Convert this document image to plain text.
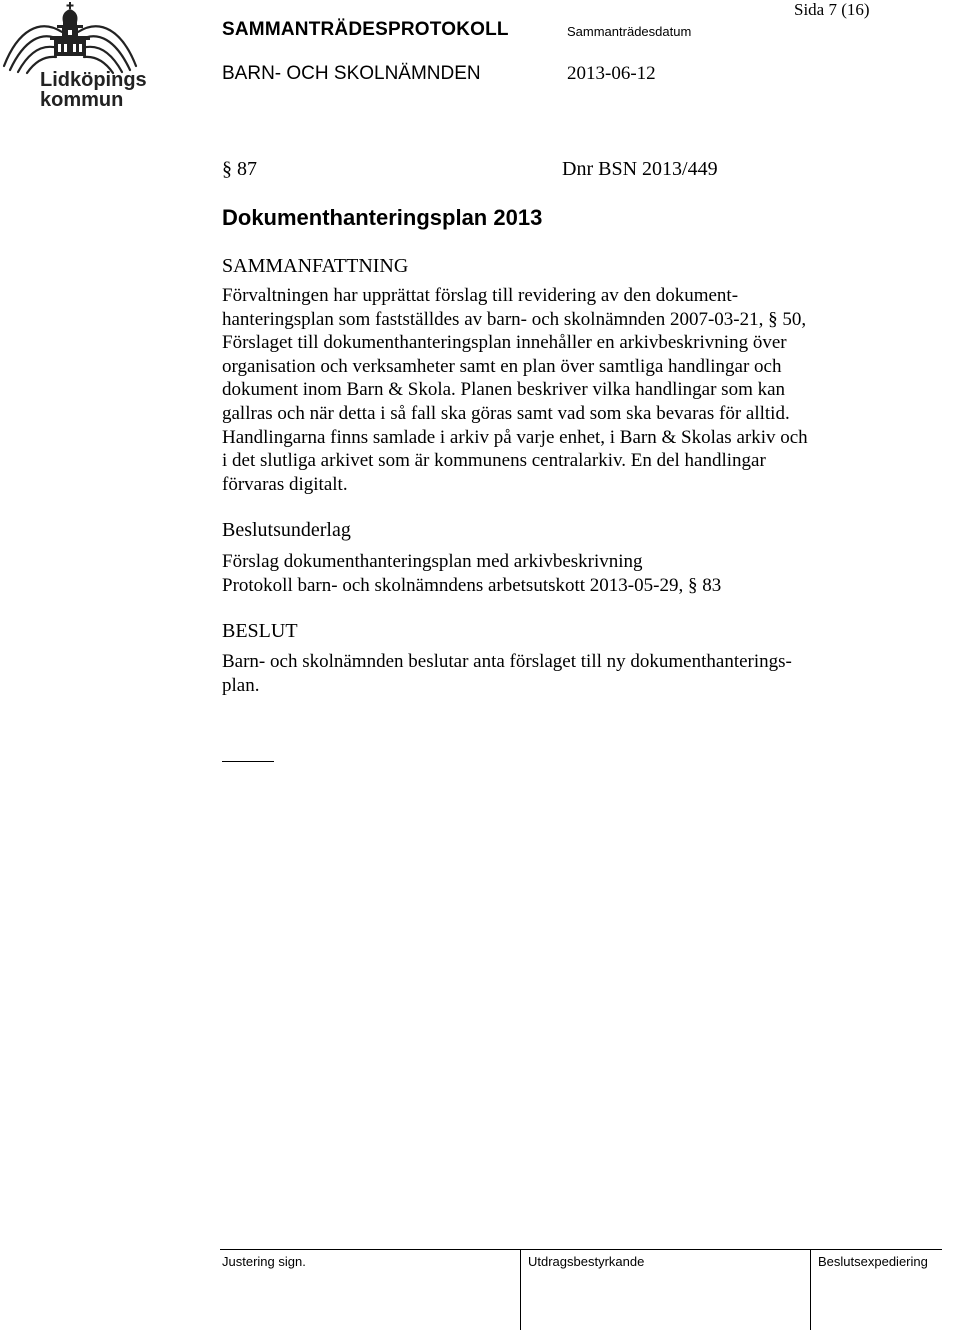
Lidköpings
kommun
SAMMANTRÄDESPROTOKOLL	Sammanträdesdatum
BARN- OCH SKOLNÄMNDEN	2013-06-12
Sida 7 (16)
§ 87	Dnr BSN 2013/449
Dokumenthanteringsplan 2013
SAMMANFATTNING
Förvaltningen har upprättat förslag till revidering av den dokument-
hanteringsplan som fastställdes av barn- och skolnämnden 2007-03-21, § 50,
Förslaget till dokumenthanteringsplan innehåller en arkivbeskrivning över
organisation och verksamheter samt en plan över samtliga handlingar och
dokument inom Barn & Skola. Planen beskriver vilka handlingar som kan
gallras och när detta i så fall ska göras samt vad som ska bevaras för alltid.
Handlingarna finns samlade i arkiv på varje enhet, i Barn & Skolas arkiv och
i det slutliga arkivet som är kommunens centralarkiv. En del handlingar
förvaras digitalt.
Beslutsunderlag
Förslag dokumenthanteringsplan med arkivbeskrivning
Protokoll barn- och skolnämndens arbetsutskott 2013-05-29, § 83
BESLUT
Barn- och skolnämnden beslutar anta förslaget till ny dokumenthanterings-
plan.
Justering sign.	Utdragsbestyrkande	Beslutsexpediering
